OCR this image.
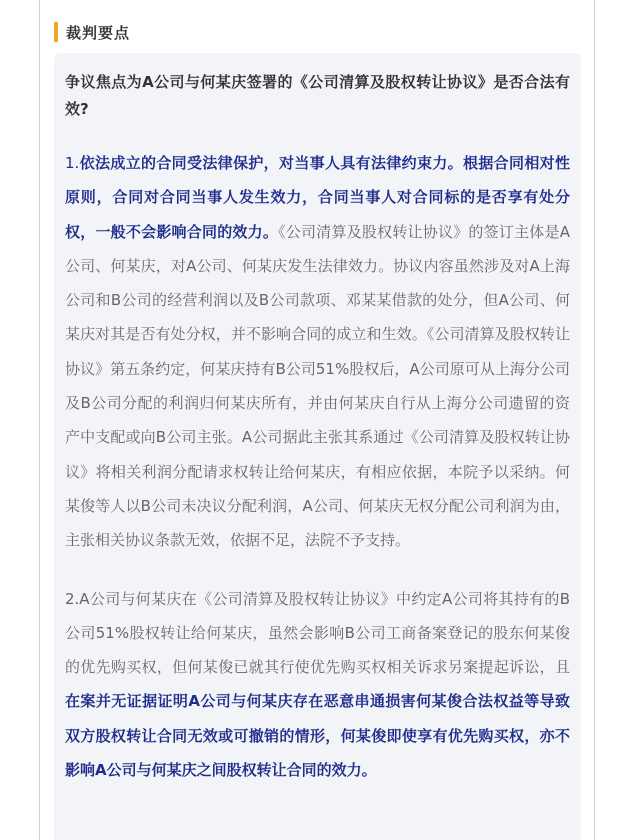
裁判要点

争议焦点为A公司与何某庆签署的《公司清算及股权转让协议》是否合法有效?

1.依法成立的合同受法律保护，对当事人具有法律约束力。根据合同相对性原则，合同对合同当事人发生效力，合同当事人对合同标的是否享有处分权，一般不会影响合同的效力。《公司清算及股权转让协议》的签订主体是A公司、何某庆，对A公司、何某庆发生法律效力。协议内容虽然涉及对A上海公司和B公司的经营利润以及B公司款项、邓某某借款的处分，但A公司、何某庆对其是否有处分权，并不影响合同的成立和生效。《公司清算及股权转让协议》第五条约定，何某庆持有B公司51%股权后，A公司原可从上海分公司及B公司分配的利润归何某庆所有，并由何某庆自行从上海分公司遗留的资产中支配或向B公司主张。A公司据此主张其系通过《公司清算及股权转让协议》将相关利润分配请求权转让给何某庆，有相应依据，本院予以采纳。何某俊等人以B公司未决议分配利润，A公司、何某庆无权分配公司利润为由，主张相关协议条款无效，依据不足，法院不予支持。

2.A公司与何某庆在《公司清算及股权转让协议》中约定A公司将其持有的B公司51%股权转让给何某庆，虽然会影响B公司工商备案登记的股东何某俊的优先购买权，但何某俊已就其行使优先购买权相关诉求另案提起诉讼，且在案并无证据证明A公司与何某庆存在恶意串通损害何某俊合法权益等导致双方股权转让合同无效或可撤销的情形，何某俊即使享有优先购买权，亦不影响A公司与何某庆之间股权转让合同的效力。
